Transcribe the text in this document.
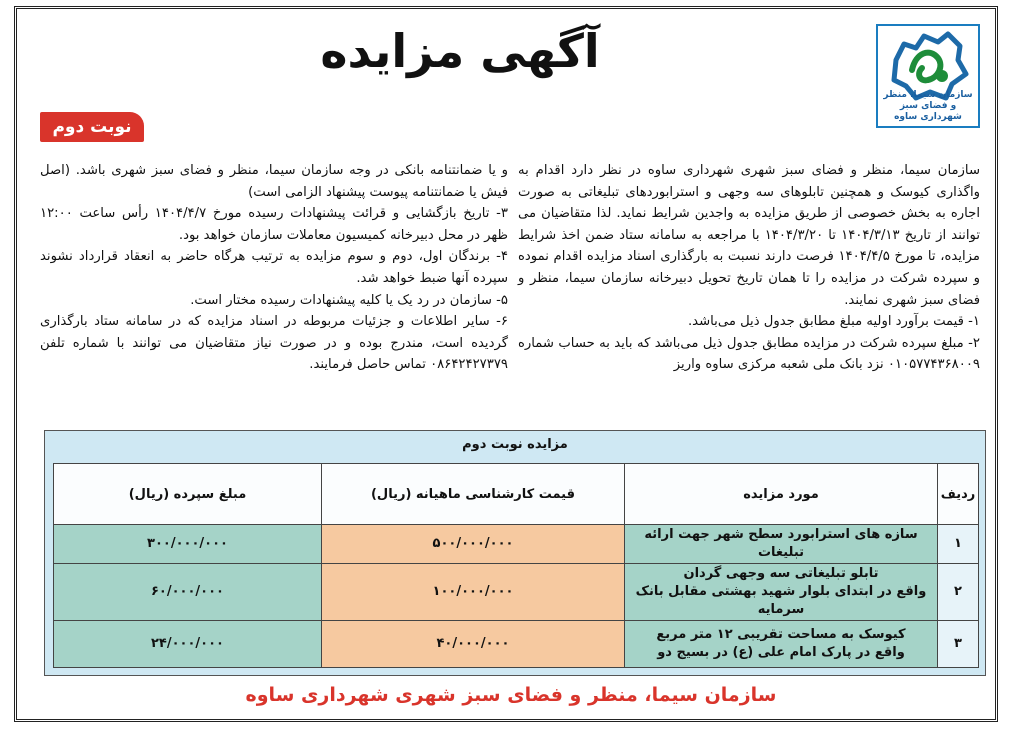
سازمان سیما، منظر و فضای سبز شهرداری ساوه
آگهی مزایده
نوبت دوم

سازمان سیما، منظر و فضای سبز شهری شهرداری ساوه در نظر دارد اقدام به واگذاری کیوسک و همچنین تابلوهای سه وجهی و استرابوردهای تبلیغاتی به صورت اجاره به بخش خصوصی از طریق مزایده به واجدین شرایط نماید. لذا متقاضیان می توانند از تاریخ ۱۴۰۴/۳/۱۳ تا ۱۴۰۴/۳/۲۰ با مراجعه به سامانه ستاد ضمن اخذ شرایط مزایده، تا مورخ ۱۴۰۴/۴/۵ فرصت دارند نسبت به بارگذاری اسناد مزایده اقدام نموده و سپرده شرکت در مزایده را تا همان تاریخ تحویل دبیرخانه سازمان سیما، منظر و فضای سبز شهری نمایند.

۱- قیمت برآورد اولیه مبلغ مطابق جدول ذیل می‌باشد.

۲- مبلغ سپرده شرکت در مزایده مطابق جدول ذیل می‌باشد که باید به حساب شماره ۰۱۰۵۷۷۴۳۶۸۰۰۹ نزد بانک ملی شعبه مرکزی ساوه واریز

و یا ضمانتنامه بانکی در وجه سازمان سیما، منظر و فضای سبز شهری باشد. (اصل فیش یا ضمانتنامه پیوست پیشنهاد الزامی است)

۳- تاریخ بازگشایی و قرائت پیشنهادات رسیده مورخ ۱۴۰۴/۴/۷ رأس ساعت ۱۲:۰۰ ظهر در محل دبیرخانه کمیسیون معاملات سازمان خواهد بود.

۴- برندگان اول، دوم و سوم مزایده به ترتیب هرگاه حاضر به انعقاد قرارداد نشوند سپرده آنها ضبط خواهد شد.

۵- سازمان در رد یک یا کلیه پیشنهادات رسیده مختار است.

۶- سایر اطلاعات و جزئیات مربوطه در اسناد مزایده که در سامانه ستاد بارگذاری گردیده است، مندرج بوده و در صورت نیاز متقاضیان می توانند با شماره تلفن ۰۸۶۴۲۴۲۷۳۷۹ تماس حاصل فرمایند.

مزایده نوبت دوم
ردیف	مورد مزایده	قیمت کارشناسی ماهیانه (ریال)	مبلغ سپرده (ریال)
۱	سازه های استرابورد سطح شهر جهت ارائه تبلیغات	۵۰۰/۰۰۰/۰۰۰	۳۰۰/۰۰۰/۰۰۰
۲	تابلو تبلیغاتی سه وجهی گردان
واقع در ابتدای بلوار شهید بهشتی مقابل بانک سرمایه	۱۰۰/۰۰۰/۰۰۰	۶۰/۰۰۰/۰۰۰
۳	کیوسک به مساحت تقریبی ۱۲ متر مربع
واقع در پارک امام علی (ع) در بسیج دو	۴۰/۰۰۰/۰۰۰	۲۴/۰۰۰/۰۰۰
سازمان سیما، منظر و فضای سبز شهری شهرداری ساوه
